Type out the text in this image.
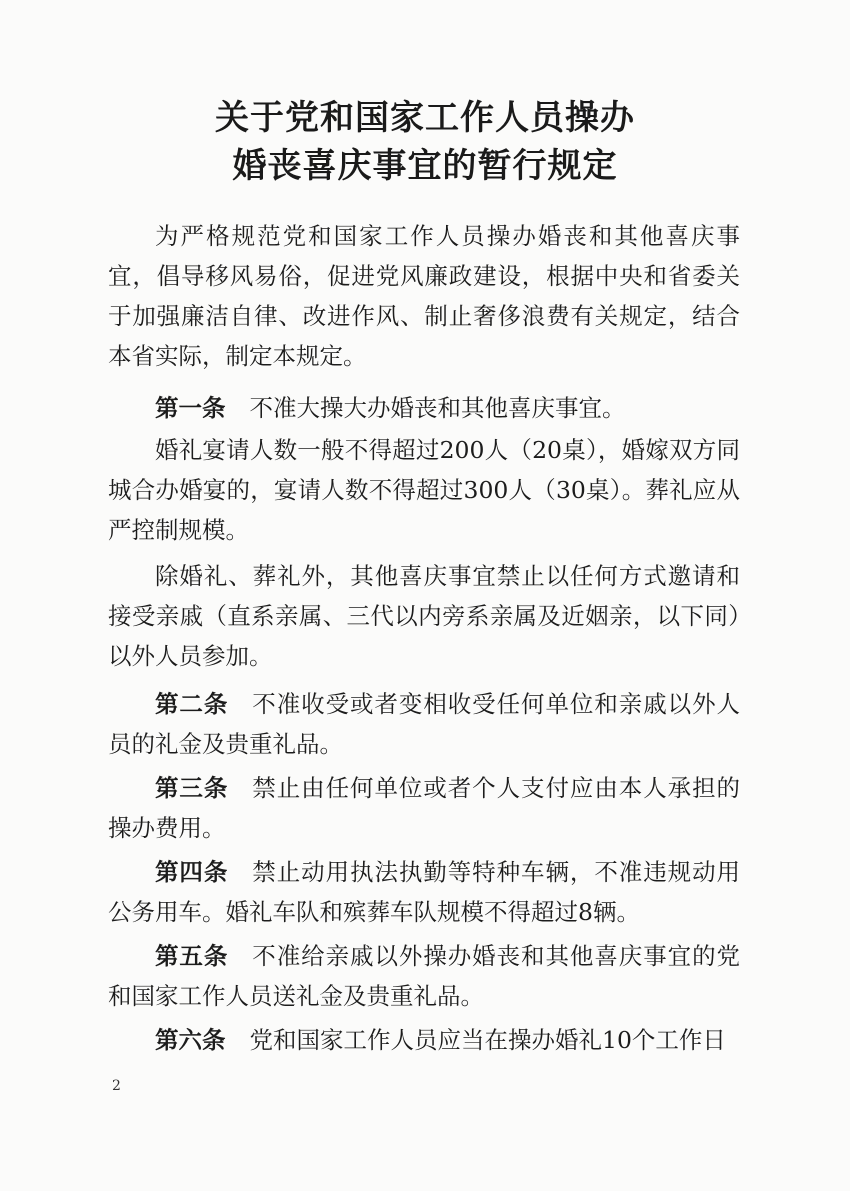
关于党和国家工作人员操办
婚丧喜庆事宜的暂行规定

为严格规范党和国家工作人员操办婚丧和其他喜庆事宜，倡导移风易俗，促进党风廉政建设，根据中央和省委关于加强廉洁自律、改进作风、制止奢侈浪费有关规定，结合本省实际，制定本规定。

第一条 不准大操大办婚丧和其他喜庆事宜。

婚礼宴请人数一般不得超过200人（20桌），婚嫁双方同城合办婚宴的，宴请人数不得超过300人（30桌）。葬礼应从严控制规模。

除婚礼、葬礼外，其他喜庆事宜禁止以任何方式邀请和接受亲戚（直系亲属、三代以内旁系亲属及近姻亲，以下同）以外人员参加。

第二条 不准收受或者变相收受任何单位和亲戚以外人员的礼金及贵重礼品。

第三条 禁止由任何单位或者个人支付应由本人承担的操办费用。

第四条 禁止动用执法执勤等特种车辆，不准违规动用公务用车。婚礼车队和殡葬车队规模不得超过8辆。

第五条 不准给亲戚以外操办婚丧和其他喜庆事宜的党和国家工作人员送礼金及贵重礼品。

第六条 党和国家工作人员应当在操办婚礼10个工作日

2
